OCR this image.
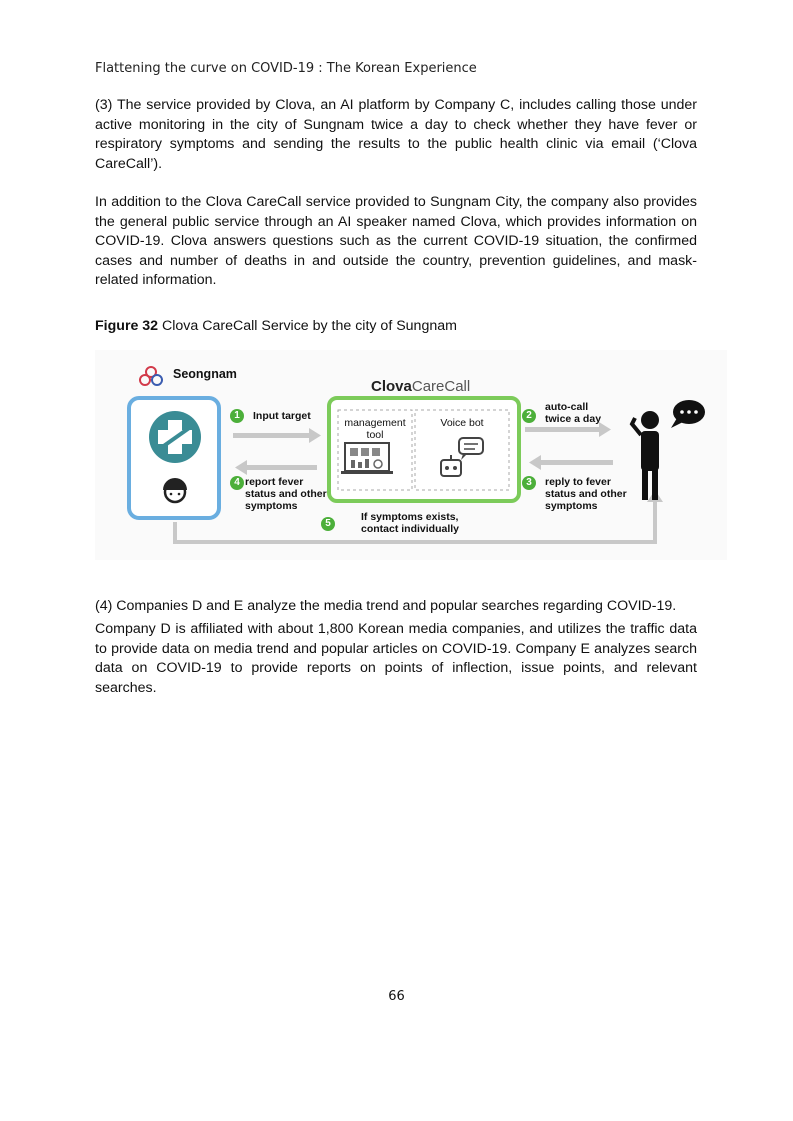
Flattening the curve on COVID-19 : The Korean Experience

(3) The service provided by Clova, an AI platform by Company C, includes calling those under active monitoring in the city of Sungnam twice a day to check whether they have fever or respiratory symptoms and sending the results to the public health clinic via email (‘Clova CareCall’).

In addition to the Clova CareCall service provided to Sungnam City, the company also provides the general public service through an AI speaker named Clova, which provides information on COVID-19. Clova answers questions such as the current COVID-19 situation, the confirmed cases and number of deaths in and outside the country, prevention guidelines, and mask-related information.

Figure 32 Clova CareCall Service by the city of Sungnam
Seongnam
ClovaCareCall
management
tool
Voice bot
1	Input target	2
auto-call
twice a day
3	reply to fever
status and other
symptoms
4 report fever
status and other
symptoms
5
If symptoms exists,
contact individually

(4) Companies D and E analyze the media trend and popular searches regarding COVID-19.

Company D is affiliated with about 1,800 Korean media companies, and utilizes the traffic data to provide data on media trend and popular articles on COVID-19. Company E analyzes search data on COVID-19 to provide reports on points of inflection, issue points, and relevant searches.

66
